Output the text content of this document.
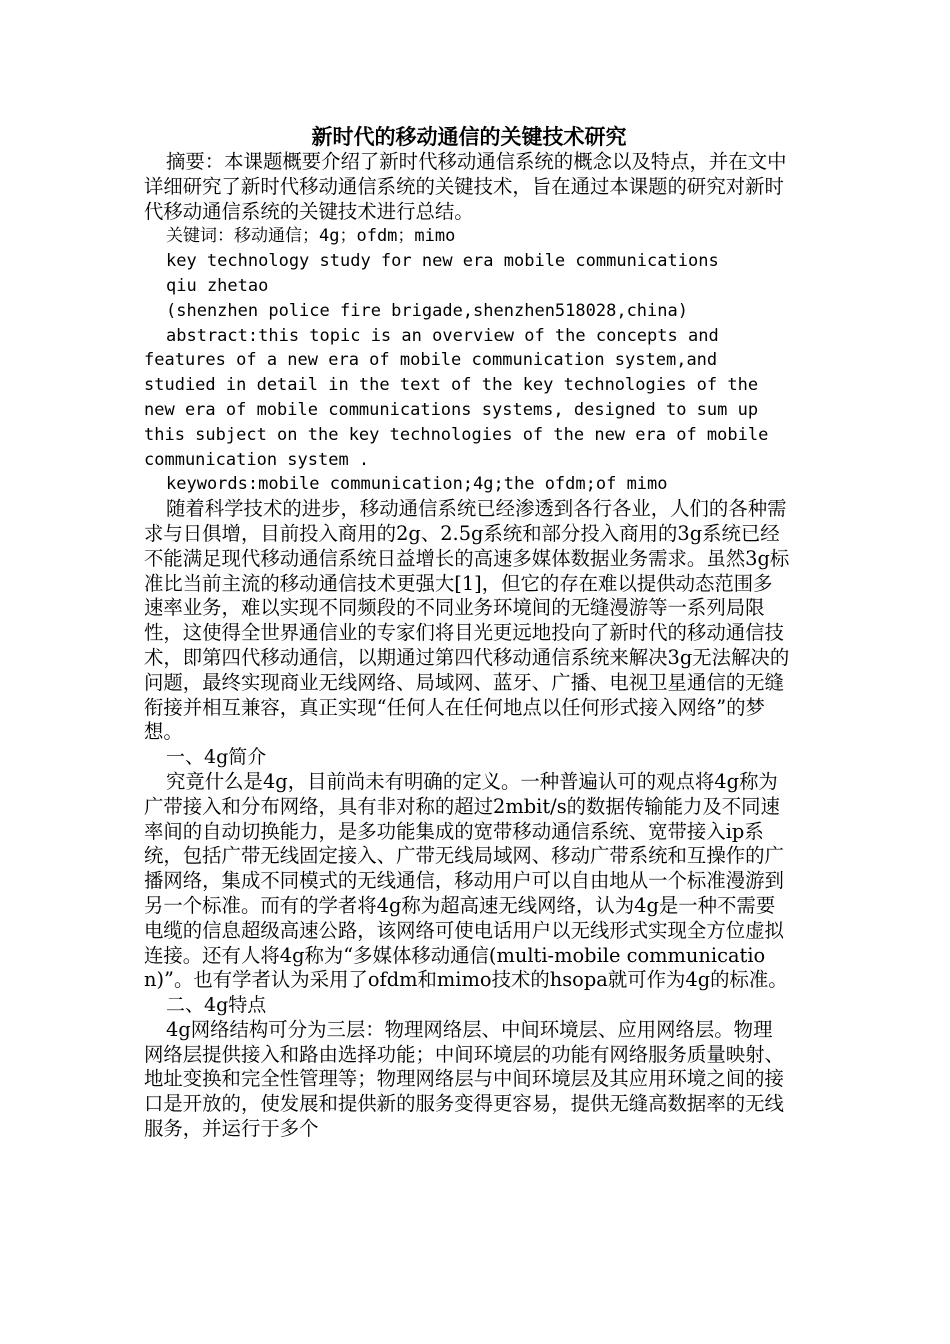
新时代的移动通信的关键技术研究

摘要：本课题概要介绍了新时代移动通信系统的概念以及特点，并在文中详细研究了新时代移动通信系统的关键技术，旨在通过本课题的研究对新时代移动通信系统的关键技术进行总结。

关键词：移动通信；4g；ofdm；mimo

key technology study for new era mobile communications

qiu zhetao

(shenzhen police fire brigade,shenzhen518028,china)

abstract:this topic is an overview of the concepts and features of a new era of mobile communication system,and studied in detail in the text of the key technologies of the new era of mobile communications systems, designed to sum up this subject on the key technologies of the new era of mobile communication system .

keywords:mobile communication;4g;the ofdm;of mimo

随着科学技术的进步，移动通信系统已经渗透到各行各业，人们的各种需求与日俱增，目前投入商用的2g、2.5g系统和部分投入商用的3g系统已经不能满足现代移动通信系统日益增长的高速多媒体数据业务需求。虽然3g标准比当前主流的移动通信技术更强大[1]，但它的存在难以提供动态范围多速率业务，难以实现不同频段的不同业务环境间的无缝漫游等一系列局限性，这使得全世界通信业的专家们将目光更远地投向了新时代的移动通信技术，即第四代移动通信，以期通过第四代移动通信系统来解决3g无法解决的问题，最终实现商业无线网络、局域网、蓝牙、广播、电视卫星通信的无缝衔接并相互兼容，真正实现“任何人在任何地点以任何形式接入网络”的梦想。

一、4g简介

究竟什么是4g，目前尚未有明确的定义。一种普遍认可的观点将4g称为广带接入和分布网络，具有非对称的超过2mbit/s的数据传输能力及不同速率间的自动切换能力，是多功能集成的宽带移动通信系统、宽带接入ip系统，包括广带无线固定接入、广带无线局域网、移动广带系统和互操作的广播网络，集成不同模式的无线通信，移动用户可以自由地从一个标准漫游到另一个标准。而有的学者将4g称为超高速无线网络，认为4g是一种不需要电缆的信息超级高速公路，该网络可使电话用户以无线形式实现全方位虚拟连接。还有人将4g称为“多媒体移动通信(multi-mobile communication)”。也有学者认为采用了ofdm和mimo技术的hsopa就可作为4g的标准。

二、4g特点

4g网络结构可分为三层：物理网络层、中间环境层、应用网络层。物理网络层提供接入和路由选择功能；中间环境层的功能有网络服务质量映射、地址变换和完全性管理等；物理网络层与中间环境层及其应用环境之间的接口是开放的，使发展和提供新的服务变得更容易，提供无缝高数据率的无线服务，并运行于多个
